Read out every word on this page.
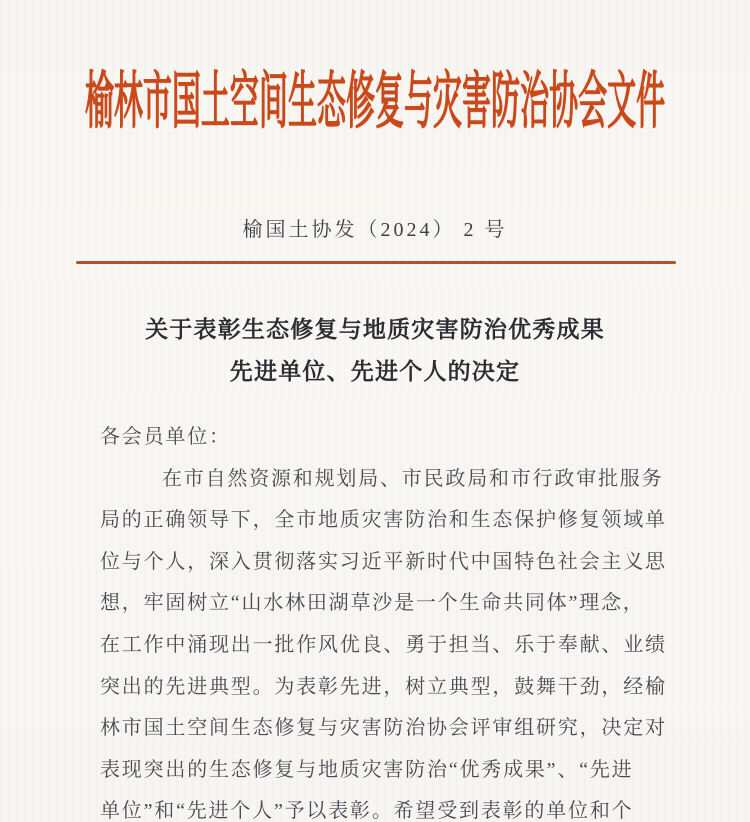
榆林市国土空间生态修复与灾害防治协会文件
榆国土协发（2024） 2 号
关于表彰生态修复与地质灾害防治优秀成果
先进单位、先进个人的决定
各会员单位：
在市自然资源和规划局、市民政局和市行政审批服务
局的正确领导下，全市地质灾害防治和生态保护修复领域单
位与个人，深入贯彻落实习近平新时代中国特色社会主义思
想，牢固树立“山水林田湖草沙是一个生命共同体”理念，
在工作中涌现出一批作风优良、勇于担当、乐于奉献、业绩
突出的先进典型。为表彰先进，树立典型，鼓舞干劲，经榆
林市国土空间生态修复与灾害防治协会评审组研究，决定对
表现突出的生态修复与地质灾害防治“优秀成果”、“先进
单位”和“先进个人”予以表彰。希望受到表彰的单位和个
